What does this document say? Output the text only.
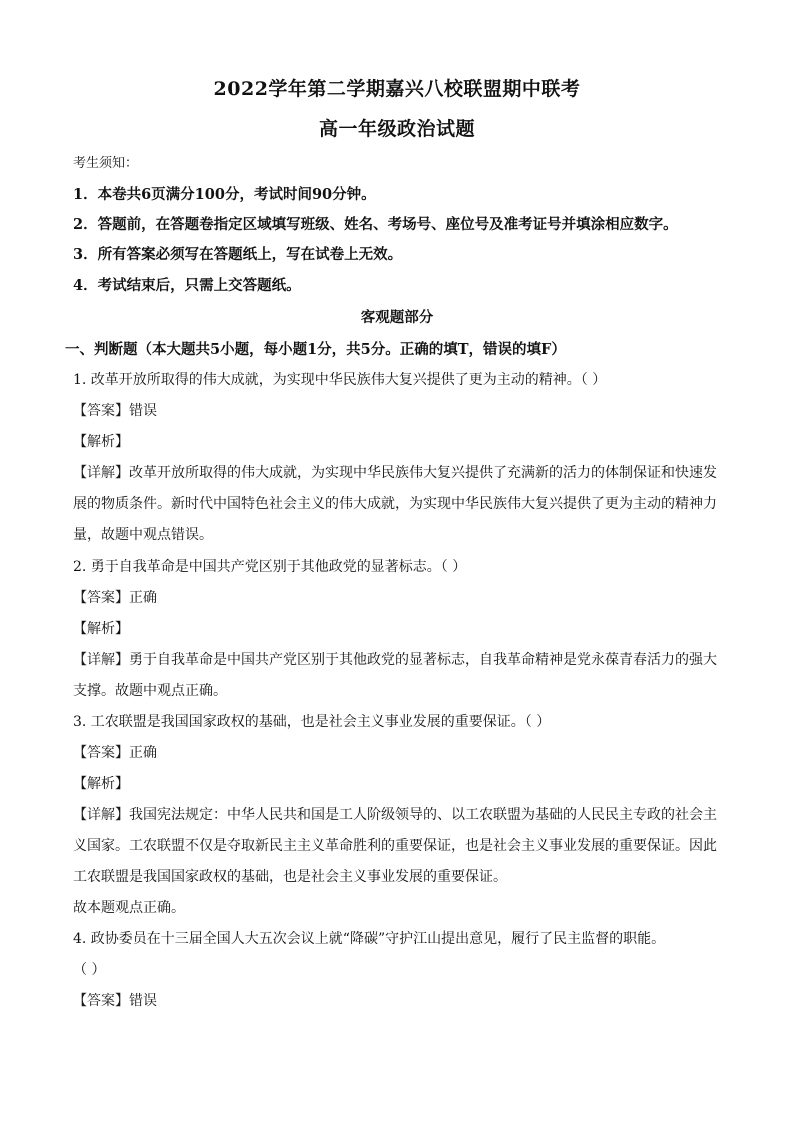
2022学年第二学期嘉兴八校联盟期中联考
高一年级政治试题
考生须知：
1．本卷共6页满分100分，考试时间90分钟。
2．答题前，在答题卷指定区域填写班级、姓名、考场号、座位号及准考证号并填涂相应数字。
3．所有答案必须写在答题纸上，写在试卷上无效。
4．考试结束后，只需上交答题纸。
客观题部分
一、判断题（本大题共5小题，每小题1分，共5分。正确的填T，错误的填F）
1. 改革开放所取得的伟大成就，为实现中华民族伟大复兴提供了更为主动的精神。（ ）
【答案】错误
【解析】
【详解】改革开放所取得的伟大成就，为实现中华民族伟大复兴提供了充满新的活力的体制保证和快速发
展的物质条件。新时代中国特色社会主义的伟大成就，为实现中华民族伟大复兴提供了更为主动的精神力
量，故题中观点错误。
2. 勇于自我革命是中国共产党区别于其他政党的显著标志。（ ）
【答案】正确
【解析】
【详解】勇于自我革命是中国共产党区别于其他政党的显著标志，自我革命精神是党永葆青春活力的强大
支撑。故题中观点正确。
3. 工农联盟是我国国家政权的基础，也是社会主义事业发展的重要保证。（ ）
【答案】正确
【解析】
【详解】我国宪法规定：中华人民共和国是工人阶级领导的、以工农联盟为基础的人民民主专政的社会主
义国家。工农联盟不仅是夺取新民主主义革命胜利的重要保证，也是社会主义事业发展的重要保证。因此
工农联盟是我国国家政权的基础，也是社会主义事业发展的重要保证。
故本题观点正确。
4. 政协委员在十三届全国人大五次会议上就“降碳”守护江山提出意见，履行了民主监督的职能。
（ ）
【答案】错误
